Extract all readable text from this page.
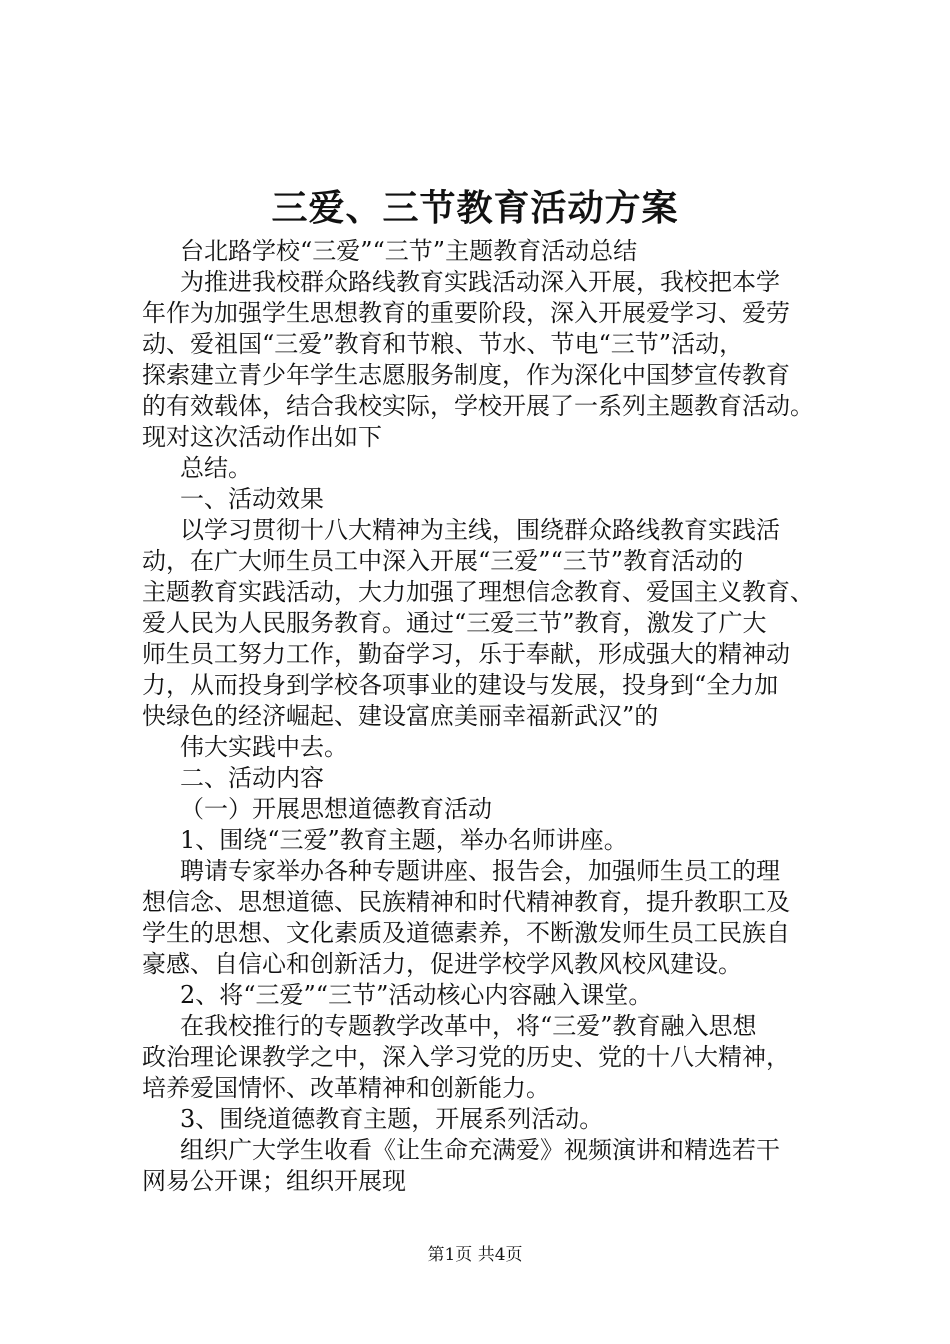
三爱、三节教育活动方案
台北路学校“三爱”“三节”主题教育活动总结
为推进我校群众路线教育实践活动深入开展，我校把本学
年作为加强学生思想教育的重要阶段，深入开展爱学习、爱劳
动、爱祖国“三爱”教育和节粮、节水、节电“三节”活动，
探索建立青少年学生志愿服务制度，作为深化中国梦宣传教育
的有效载体，结合我校实际，学校开展了一系列主题教育活动。
现对这次活动作出如下
总结。
一、活动效果
以学习贯彻十八大精神为主线，围绕群众路线教育实践活
动，在广大师生员工中深入开展“三爱”“三节”教育活动的
主题教育实践活动，大力加强了理想信念教育、爱国主义教育、
爱人民为人民服务教育。通过“三爱三节”教育，激发了广大
师生员工努力工作，勤奋学习，乐于奉献，形成强大的精神动
力，从而投身到学校各项事业的建设与发展，投身到“全力加
快绿色的经济崛起、建设富庶美丽幸福新武汉”的
伟大实践中去。
二、活动内容
（一）开展思想道德教育活动
1、围绕“三爱”教育主题，举办名师讲座。
聘请专家举办各种专题讲座、报告会，加强师生员工的理
想信念、思想道德、民族精神和时代精神教育，提升教职工及
学生的思想、文化素质及道德素养，不断激发师生员工民族自
豪感、自信心和创新活力，促进学校学风教风校风建设。
2、将“三爱”“三节”活动核心内容融入课堂。
在我校推行的专题教学改革中，将“三爱”教育融入思想
政治理论课教学之中，深入学习党的历史、党的十八大精神，
培养爱国情怀、改革精神和创新能力。
3、围绕道德教育主题，开展系列活动。
组织广大学生收看《让生命充满爱》视频演讲和精选若干
网易公开课；组织开展现
第1页 共4页
